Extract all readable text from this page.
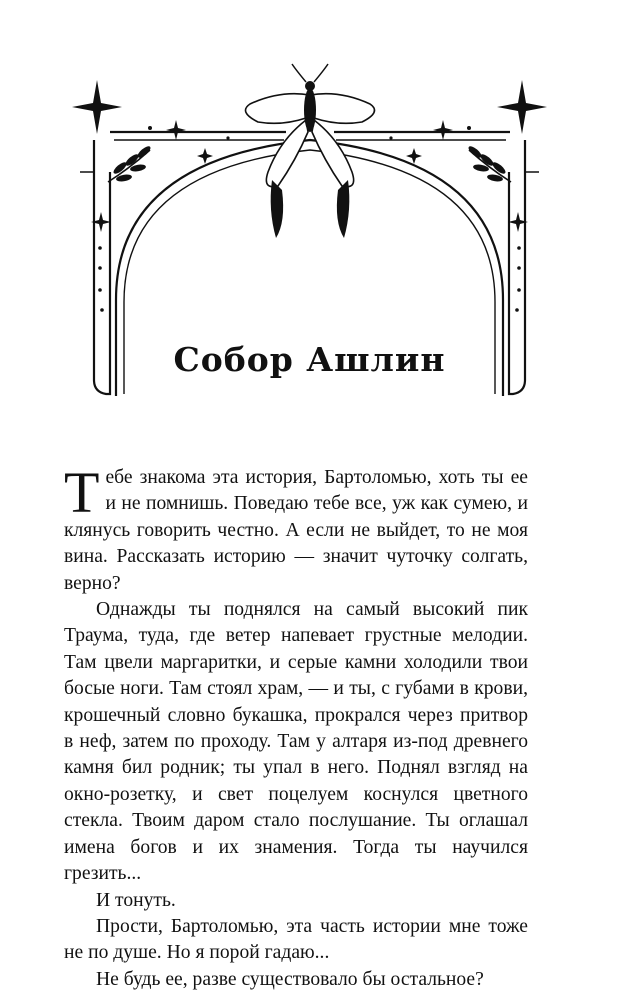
Собор Ашлин

Тебе знакома эта история, Бартоломью, хоть ты ее и не помнишь. Поведаю тебе все, уж как сумею, и клянусь говорить честно. А если не выйдет, то не моя вина. Рассказать историю — значит чуточку солгать, верно?

Однажды ты поднялся на самый высокий пик Траума, туда, где ветер напевает грустные мелодии. Там цвели маргаритки, и серые камни холодили твои босые ноги. Там стоял храм, — и ты, с губами в крови, крошечный словно букашка, прокрался через притвор в неф, затем по проходу. Там у алтаря из-под древнего камня бил родник; ты упал в него. Поднял взгляд на окно-розетку, и свет поцелуем коснулся цветного стекла. Твоим даром стало послушание. Ты оглашал имена богов и их знамения. Тогда ты научился грезить...

И тонуть.

Прости, Бартоломью, эта часть истории мне тоже не по душе. Но я порой гадаю...

Не будь ее, разве существовало бы остальное?
